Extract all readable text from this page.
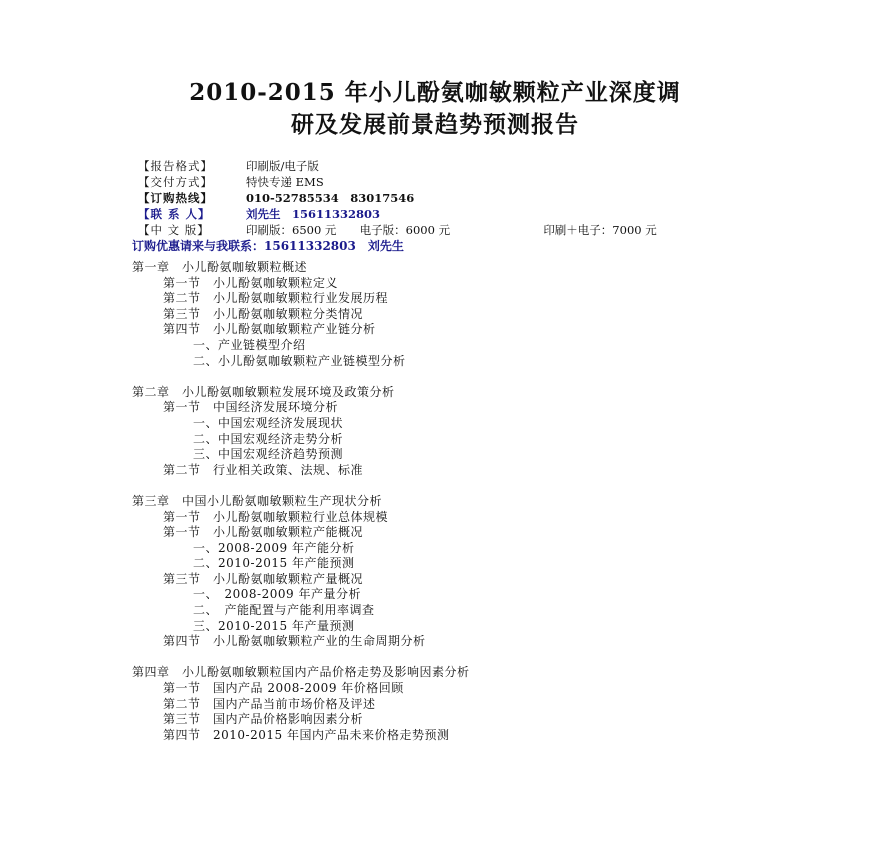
2010-2015 年小儿酚氨咖敏颗粒产业深度调
研及发展前景趋势预测报告
【报告格式】	印刷版/电子版
【交付方式】	特快专递 EMS
【订购热线】	010-52785534　83017546
【联 系 人】	刘先生　15611332803
【中 文 版】	印刷版：6500 元 电子版：6000 元	印刷＋电子：7000 元
订购优惠请来与我联系：15611332803　刘先生
第一章　小儿酚氨咖敏颗粒概述
第一节　小儿酚氨咖敏颗粒定义
第二节　小儿酚氨咖敏颗粒行业发展历程
第三节　小儿酚氨咖敏颗粒分类情况
第四节　小儿酚氨咖敏颗粒产业链分析
一、产业链模型介绍
二、小儿酚氨咖敏颗粒产业链模型分析
第二章　小儿酚氨咖敏颗粒发展环境及政策分析
第一节　中国经济发展环境分析
一、中国宏观经济发展现状
二、中国宏观经济走势分析
三、中国宏观经济趋势预测
第二节　行业相关政策、法规、标准
第三章　中国小儿酚氨咖敏颗粒生产现状分析
第一节　小儿酚氨咖敏颗粒行业总体规模
第一节　小儿酚氨咖敏颗粒产能概况
一、2008-2009 年产能分析
二、2010-2015 年产能预测
第三节　小儿酚氨咖敏颗粒产量概况
一、　2008-2009 年产量分析
二、　产能配置与产能利用率调查
三、2010-2015 年产量预测
第四节　小儿酚氨咖敏颗粒产业的生命周期分析
第四章　小儿酚氨咖敏颗粒国内产品价格走势及影响因素分析
第一节　国内产品 2008-2009 年价格回顾
第二节　国内产品当前市场价格及评述
第三节　国内产品价格影响因素分析
第四节　2010-2015 年国内产品未来价格走势预测
